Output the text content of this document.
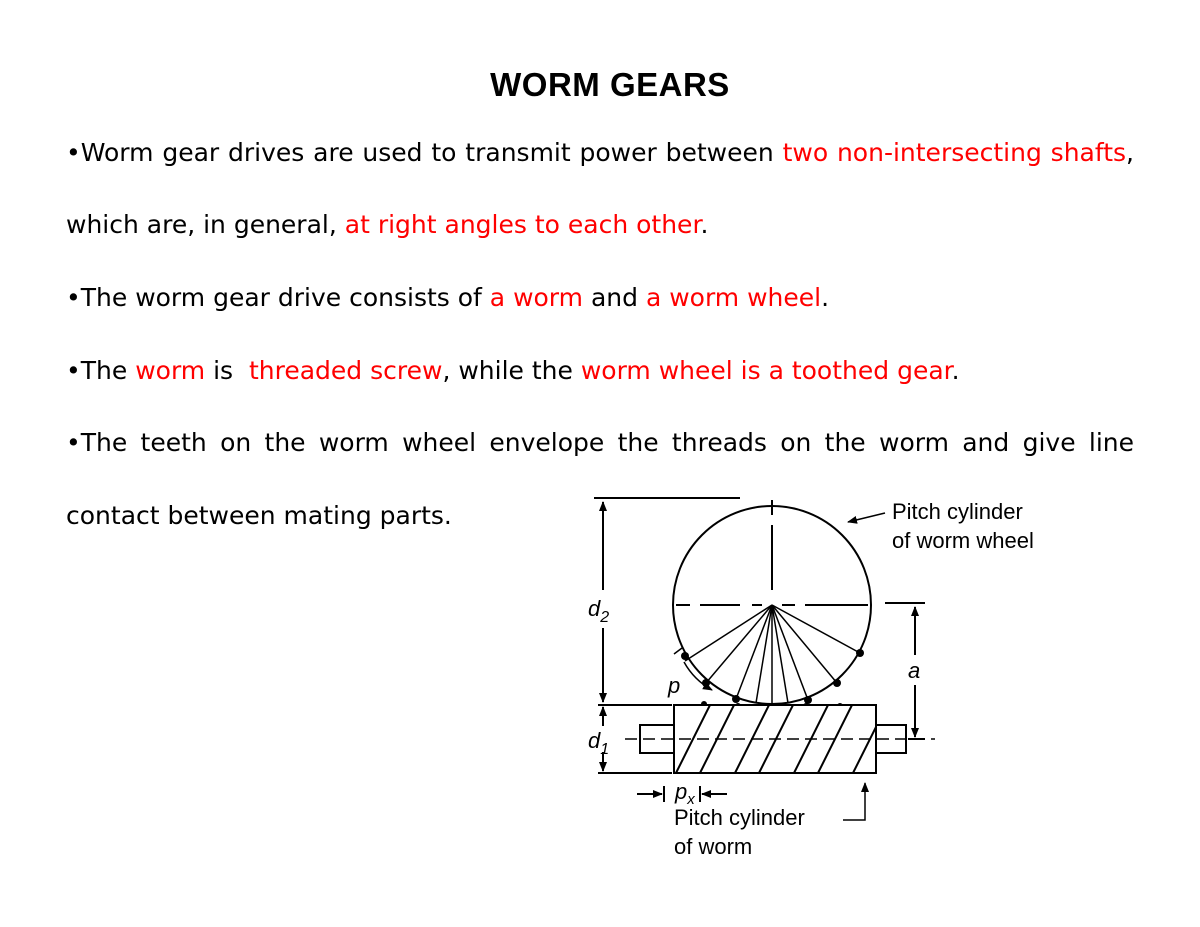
WORM GEARS
•Worm gear drives are used to transmit power between two non-intersecting shafts,
which are, in general, at right angles to each other.
•The worm gear drive consists of a worm and a worm wheel.
•The worm is  threaded screw, while the worm wheel is a toothed gear.
•The teeth on the worm wheel envelope the threads on the worm and give line
contact between mating parts.
$d_2$
$d_1$
a
p
$p_x$
Pitch cylinder
of worm wheel
Pitch cylinder
of worm
